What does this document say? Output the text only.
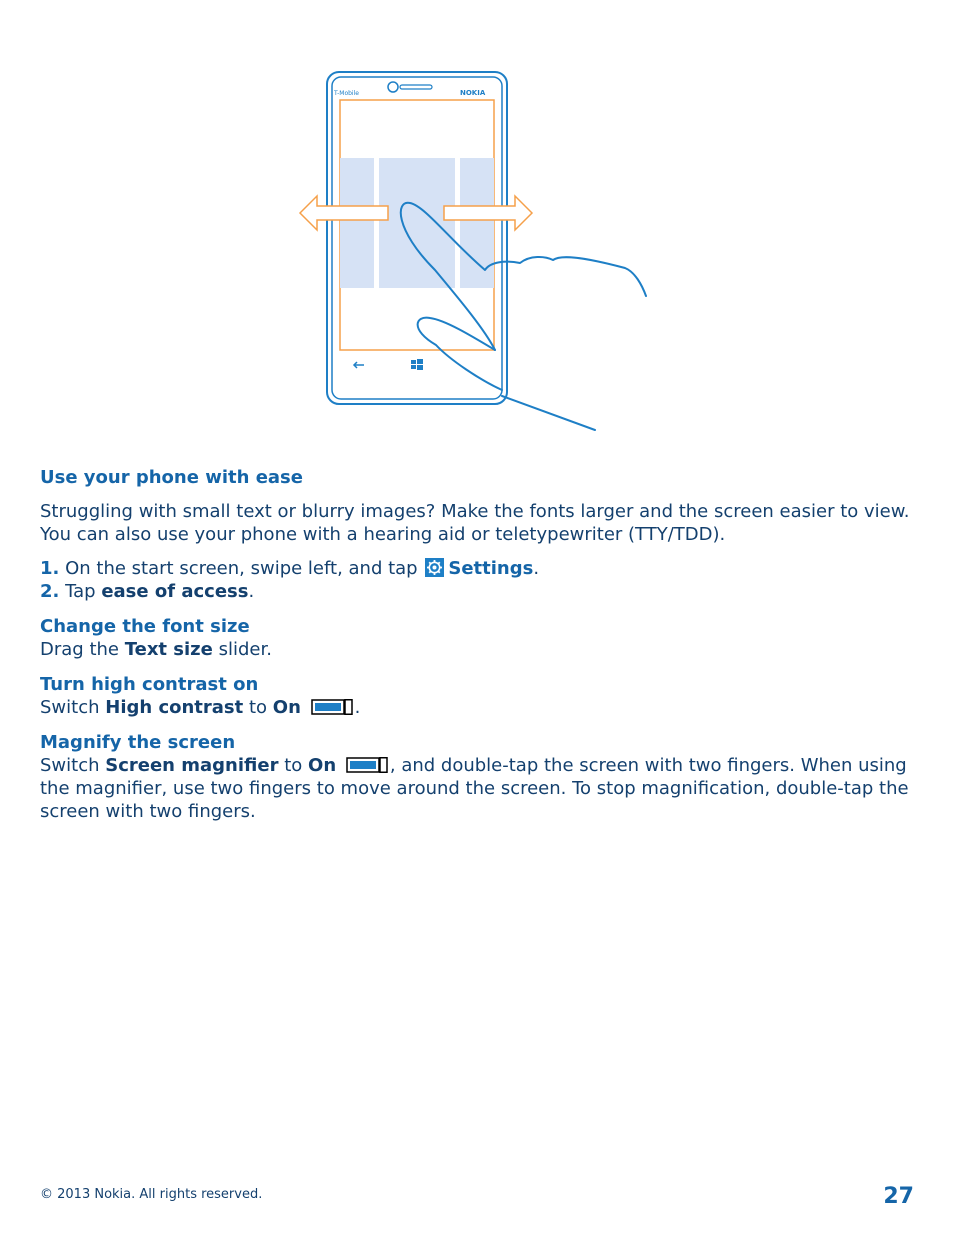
T-Mobile	NOKIA

Use your phone with ease

Struggling with small text or blurry images? Make the fonts larger and the screen easier to view. You can also use your phone with a hearing aid or teletypewriter (TTY/TDD).

1. On the start screen, swipe left, and tap Settings.

2. Tap ease of access.

Change the font size

Drag the Text size slider.

Turn high contrast on

Switch High contrast to On	.

Magnify the screen

Switch Screen magnifier to On	, and double-tap the screen with two fingers. When using the magnifier, use two fingers to move around the screen. To stop magnification, double-tap the screen with two fingers.

© 2013 Nokia. All rights reserved.	27
